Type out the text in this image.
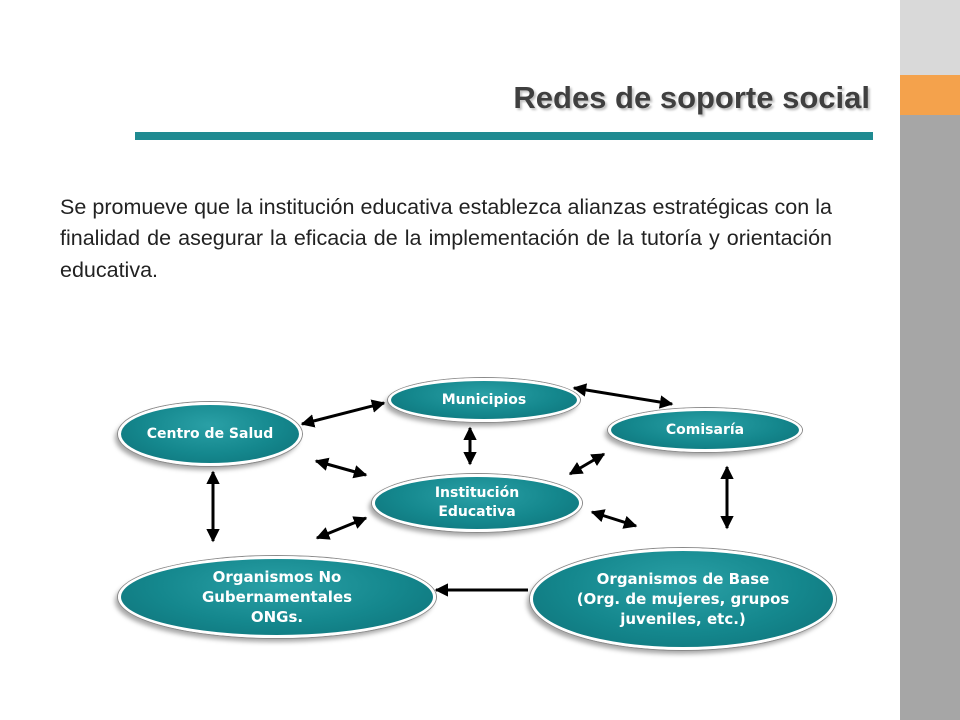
Redes de soporte social

Se promueve que la institución educativa establezca alianzas estratégicas con la finalidad de asegurar la eficacia de la implementación de la tutoría y orientación educativa.

Municipios
Comisaría
Centro de Salud
Institución Educativa
Organismos No Gubernamentales ONGs.
Organismos de Base (Org. de mujeres, grupos juveniles, etc.)
